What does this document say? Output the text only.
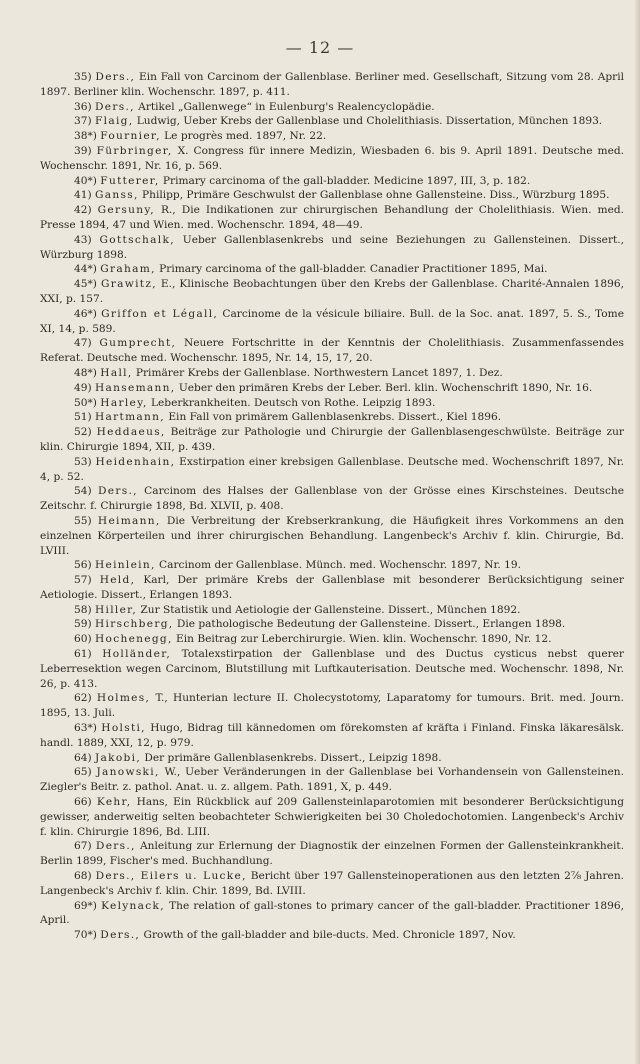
— 12 —

35) Ders., Ein Fall von Carcinom der Gallenblase. Berliner med. Gesellschaft, Sitzung vom 28. April 1897. Berliner klin. Wochenschr. 1897, p. 411.

36) Ders., Artikel „Gallenwege“ in Eulenburg's Realencyclopädie.

37) Flaig, Ludwig, Ueber Krebs der Gallenblase und Cholelithiasis. Dissertation, München 1893.

38*) Fournier, Le progrès med. 1897, Nr. 22.

39) Fürbringer, X. Congress für innere Medizin, Wiesbaden 6. bis 9. April 1891. Deutsche med. Wochenschr. 1891, Nr. 16, p. 569.

40*) Futterer, Primary carcinoma of the gall-bladder. Medicine 1897, III, 3, p. 182.

41) Ganss, Philipp, Primäre Geschwulst der Gallenblase ohne Gallensteine. Diss., Würzburg 1895.

42) Gersuny, R., Die Indikationen zur chirurgischen Behandlung der Cholelithiasis. Wien. med. Presse 1894, 47 und Wien. med. Wochenschr. 1894, 48—49.

43) Gottschalk, Ueber Gallenblasenkrebs und seine Beziehungen zu Gallensteinen. Dissert., Würzburg 1898.

44*) Graham, Primary carcinoma of the gall-bladder. Canadier Practitioner 1895, Mai.

45*) Grawitz, E., Klinische Beobachtungen über den Krebs der Gallenblase. Charité-Annalen 1896, XXI, p. 157.

46*) Griffon et Légall, Carcinome de la vésicule biliaire. Bull. de la Soc. anat. 1897, 5. S., Tome XI, 14, p. 589.

47) Gumprecht, Neuere Fortschritte in der Kenntnis der Cholelithiasis. Zusammenfassendes Referat. Deutsche med. Wochenschr. 1895, Nr. 14, 15, 17, 20.

48*) Hall, Primärer Krebs der Gallenblase. Northwestern Lancet 1897, 1. Dez.

49) Hansemann, Ueber den primären Krebs der Leber. Berl. klin. Wochenschrift 1890, Nr. 16.

50*) Harley, Leberkrankheiten. Deutsch von Rothe. Leipzig 1893.

51) Hartmann, Ein Fall von primärem Gallenblasenkrebs. Dissert., Kiel 1896.

52) Heddaeus, Beiträge zur Pathologie und Chirurgie der Gallenblasengeschwülste. Beiträge zur klin. Chirurgie 1894, XII, p. 439.

53) Heidenhain, Exstirpation einer krebsigen Gallenblase. Deutsche med. Wochenschrift 1897, Nr. 4, p. 52.

54) Ders., Carcinom des Halses der Gallenblase von der Grösse eines Kirschsteines. Deutsche Zeitschr. f. Chirurgie 1898, Bd. XLVII, p. 408.

55) Heimann, Die Verbreitung der Krebserkrankung, die Häufigkeit ihres Vorkommens an den einzelnen Körperteilen und ihrer chirurgischen Behandlung. Langenbeck's Archiv f. klin. Chirurgie, Bd. LVIII.

56) Heinlein, Carcinom der Gallenblase. Münch. med. Wochenschr. 1897, Nr. 19.

57) Held, Karl, Der primäre Krebs der Gallenblase mit besonderer Berücksichtigung seiner Aetiologie. Dissert., Erlangen 1893.

58) Hiller, Zur Statistik und Aetiologie der Gallensteine. Dissert., München 1892.

59) Hirschberg, Die pathologische Bedeutung der Gallensteine. Dissert., Erlangen 1898.

60) Hochenegg, Ein Beitrag zur Leberchirurgie. Wien. klin. Wochenschr. 1890, Nr. 12.

61) Holländer, Totalexstirpation der Gallenblase und des Ductus cysticus nebst querer Leberresektion wegen Carcinom, Blutstillung mit Luftkauterisation. Deutsche med. Wochenschr. 1898, Nr. 26, p. 413.

62) Holmes, T., Hunterian lecture II. Cholecystotomy, Laparatomy for tumours. Brit. med. Journ. 1895, 13. Juli.

63*) Holsti, Hugo, Bidrag till kännedomen om förekomsten af kräfta i Finland. Finska läkaresälsk. handl. 1889, XXI, 12, p. 979.

64) Jakobi, Der primäre Gallenblasenkrebs. Dissert., Leipzig 1898.

65) Janowski, W., Ueber Veränderungen in der Gallenblase bei Vorhandensein von Gallensteinen. Ziegler's Beitr. z. pathol. Anat. u. z. allgem. Path. 1891, X, p. 449.

66) Kehr, Hans, Ein Rückblick auf 209 Gallensteinlaparotomien mit besonderer Berücksichtigung gewisser, anderweitig selten beobachteter Schwierigkeiten bei 30 Choledochotomien. Langenbeck's Archiv f. klin. Chirurgie 1896, Bd. LIII.

67) Ders., Anleitung zur Erlernung der Diagnostik der einzelnen Formen der Gallensteinkrankheit. Berlin 1899, Fischer's med. Buchhandlung.

68) Ders., Eilers u. Lucke, Bericht über 197 Gallensteinoperationen aus den letzten 2⅞ Jahren. Langenbeck's Archiv f. klin. Chir. 1899, Bd. LVIII.

69*) Kelynack, The relation of gall-stones to primary cancer of the gall-bladder. Practitioner 1896, April.

70*) Ders., Growth of the gall-bladder and bile-ducts. Med. Chronicle 1897, Nov.
